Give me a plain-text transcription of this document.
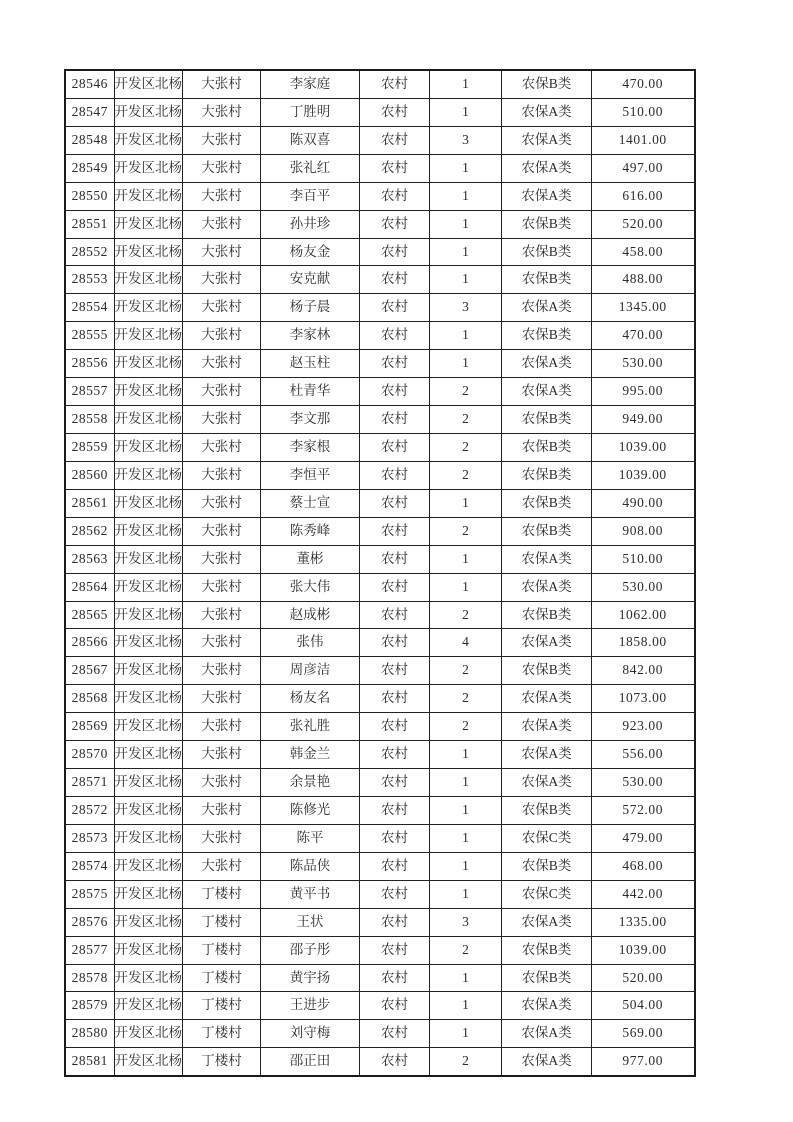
28546	开发区北杨	大张村	李家庭	农村	1	农保B类	470.00
28547	开发区北杨	大张村	丁胜明	农村	1	农保A类	510.00
28548	开发区北杨	大张村	陈双喜	农村	3	农保A类	1401.00
28549	开发区北杨	大张村	张礼红	农村	1	农保A类	497.00
28550	开发区北杨	大张村	李百平	农村	1	农保A类	616.00
28551	开发区北杨	大张村	孙井珍	农村	1	农保B类	520.00
28552	开发区北杨	大张村	杨友金	农村	1	农保B类	458.00
28553	开发区北杨	大张村	安克献	农村	1	农保B类	488.00
28554	开发区北杨	大张村	杨子晨	农村	3	农保A类	1345.00
28555	开发区北杨	大张村	李家林	农村	1	农保B类	470.00
28556	开发区北杨	大张村	赵玉柱	农村	1	农保A类	530.00
28557	开发区北杨	大张村	杜青华	农村	2	农保A类	995.00
28558	开发区北杨	大张村	李文那	农村	2	农保B类	949.00
28559	开发区北杨	大张村	李家根	农村	2	农保B类	1039.00
28560	开发区北杨	大张村	李恒平	农村	2	农保B类	1039.00
28561	开发区北杨	大张村	蔡士宣	农村	1	农保B类	490.00
28562	开发区北杨	大张村	陈秀峰	农村	2	农保B类	908.00
28563	开发区北杨	大张村	董彬	农村	1	农保A类	510.00
28564	开发区北杨	大张村	张大伟	农村	1	农保A类	530.00
28565	开发区北杨	大张村	赵成彬	农村	2	农保B类	1062.00
28566	开发区北杨	大张村	张伟	农村	4	农保A类	1858.00
28567	开发区北杨	大张村	周彦洁	农村	2	农保B类	842.00
28568	开发区北杨	大张村	杨友名	农村	2	农保A类	1073.00
28569	开发区北杨	大张村	张礼胜	农村	2	农保A类	923.00
28570	开发区北杨	大张村	韩金兰	农村	1	农保A类	556.00
28571	开发区北杨	大张村	余景艳	农村	1	农保A类	530.00
28572	开发区北杨	大张村	陈修光	农村	1	农保B类	572.00
28573	开发区北杨	大张村	陈平	农村	1	农保C类	479.00
28574	开发区北杨	大张村	陈品侠	农村	1	农保B类	468.00
28575	开发区北杨	丁楼村	黄平书	农村	1	农保C类	442.00
28576	开发区北杨	丁楼村	王状	农村	3	农保A类	1335.00
28577	开发区北杨	丁楼村	邵子彤	农村	2	农保B类	1039.00
28578	开发区北杨	丁楼村	黄宇扬	农村	1	农保B类	520.00
28579	开发区北杨	丁楼村	王进步	农村	1	农保A类	504.00
28580	开发区北杨	丁楼村	刘守梅	农村	1	农保A类	569.00
28581	开发区北杨	丁楼村	邵正田	农村	2	农保A类	977.00
